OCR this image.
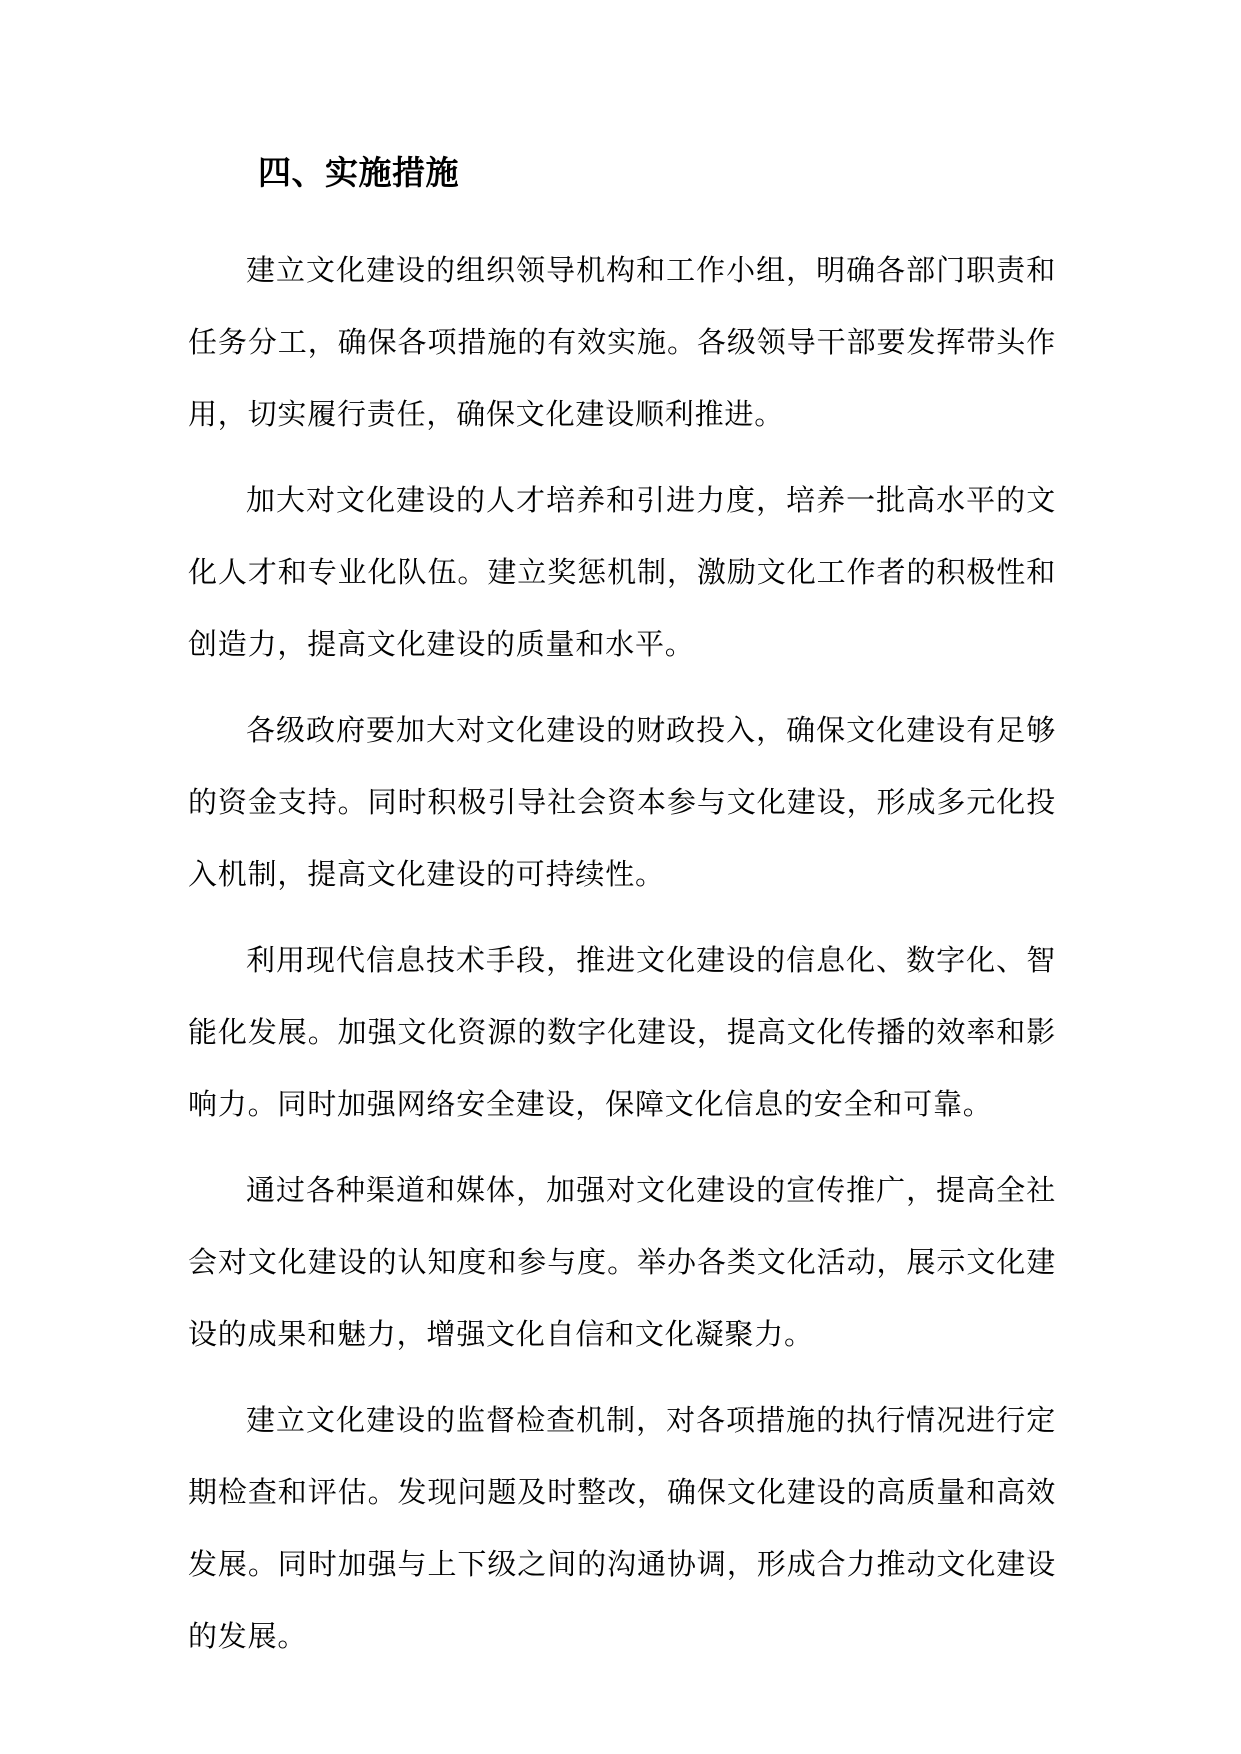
四、实施措施

建立文化建设的组织领导机构和工作小组，明确各部门职责和任务分工，确保各项措施的有效实施。各级领导干部要发挥带头作用，切实履行责任，确保文化建设顺利推进。

加大对文化建设的人才培养和引进力度，培养一批高水平的文化人才和专业化队伍。建立奖惩机制，激励文化工作者的积极性和创造力，提高文化建设的质量和水平。

各级政府要加大对文化建设的财政投入，确保文化建设有足够的资金支持。同时积极引导社会资本参与文化建设，形成多元化投入机制，提高文化建设的可持续性。

利用现代信息技术手段，推进文化建设的信息化、数字化、智能化发展。加强文化资源的数字化建设，提高文化传播的效率和影响力。同时加强网络安全建设，保障文化信息的安全和可靠。

通过各种渠道和媒体，加强对文化建设的宣传推广，提高全社会对文化建设的认知度和参与度。举办各类文化活动，展示文化建设的成果和魅力，增强文化自信和文化凝聚力。

建立文化建设的监督检查机制，对各项措施的执行情况进行定期检查和评估。发现问题及时整改，确保文化建设的高质量和高效发展。同时加强与上下级之间的沟通协调，形成合力推动文化建设的发展。
